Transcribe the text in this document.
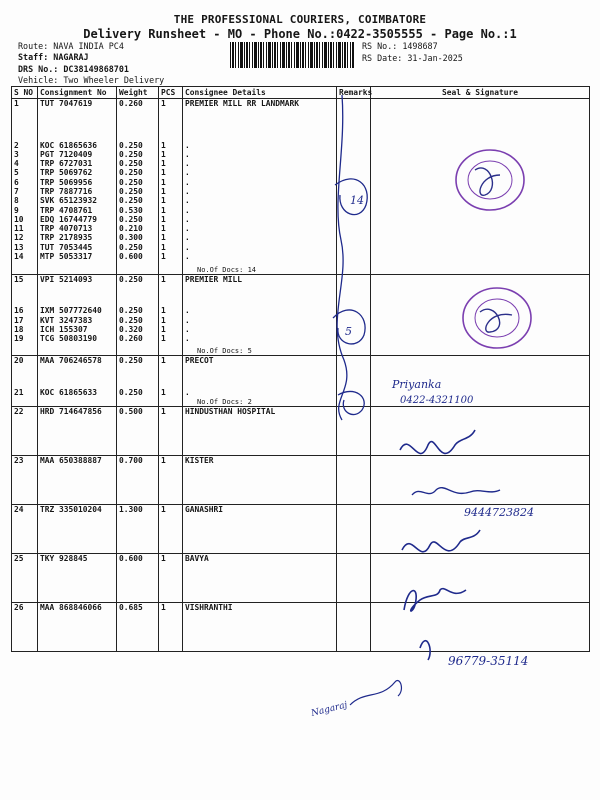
THE PROFESSIONAL COURIERS, COIMBATORE
Delivery Runsheet - MO - Phone No.:0422-3505555 - Page No.:1
Route: NAVA INDIA PC4
Staff: NAGARAJ
DRS No.: DC38149868701
Vehicle: Two Wheeler Delivery
RS No.: 1498687
RS Date: 31-Jan-2025
S NO	Consignment No	Weight	PCS	Consignee Details	Remarks	Seal & Signature
1	TUT 7047619	0.260	1	PREMIER MILL RR LANDMARK		
2	KOC 61865636	0.250	1	.		
3	PGT 7120409	0.250	1	.		
4	TRP 6727031	0.250	1	.		
5	TRP 5069762	0.250	1	.		
6	TRP 5069956	0.250	1	.		
7	TRP 7887716	0.250	1	.		
8	SVK 65123932	0.250	1	.		
9	TRP 4708761	0.530	1	.		
10	EDQ 16744779	0.250	1	.		
11	TRP 4070713	0.210	1	.		
12	TRP 2178935	0.300	1	.		
13	TUT 7053445	0.250	1	.		
14	MTP 5053317	0.600	1	.		
				No.Of Docs: 14		
15	VPI 5214093	0.250	1	PREMIER MILL		
16	IXM 507772640	0.250	1	.		
17	KVT 3247383	0.250	1	.		
18	ICH 155307	0.320	1	.		
19	TCG 50803190	0.260	1	.		
				No.Of Docs: 5		
20	MAA 706246578	0.250	1	PRECOT		
21	KOC 61865633	0.250	1	.		
				No.Of Docs: 2		
22	HRD 714647856	0.500	1	HINDUSTHAN HOSPITAL		
23	MAA 650388887	0.700	1	KISTER		
24	TRZ 335010204	1.300	1	GANASHRI		
25	TKY 928845	0.600	1	BAVYA		
26	MAA 868846066	0.685	1	VISHRANTHI		
14
5
Priyanka
0422-4321100
9444723824
96779-35114
Nagaraj
